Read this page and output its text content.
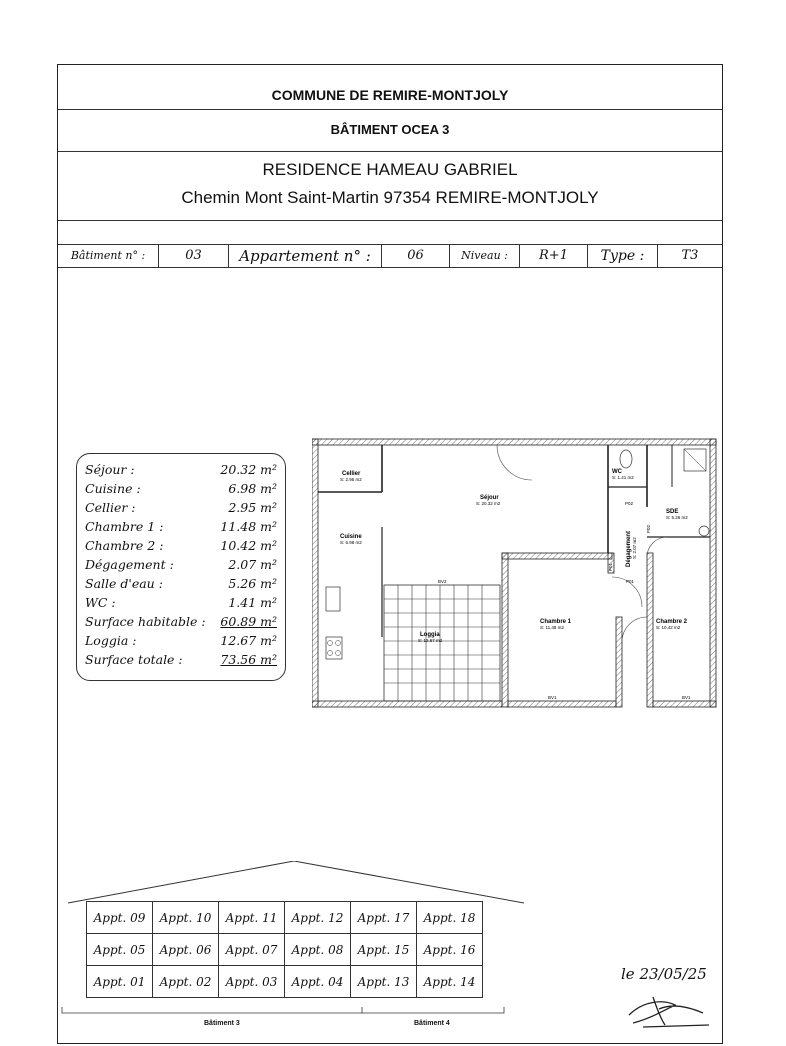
COMMUNE DE REMIRE-MONTJOLY
BÂTIMENT OCEA 3
RESIDENCE HAMEAU GABRIEL
Chemin Mont Saint-Martin 97354 REMIRE-MONTJOLY
Bâtiment n° :	03	Appartement n° :	06	Niveau :	R+1	Type :	T3
Séjour :	20.32 m²
Cuisine :	6.98 m²
Cellier :	2.95 m²
Chambre 1 :	11.48 m²
Chambre 2 :	10.42 m²
Dégagement :	2.07 m²
Salle d'eau :	5.26 m²
WC :	1.41 m²
Surface habitable : 60.89 m²
Loggia :	12.67 m²
Surface totale :	73.56 m²
Cellier
S: 2.95 m2
Séjour
S: 20.32 m2
Cuisine
S: 6.98 m2
WC
S: 1.41 m2
SDE
S: 5.26 m2
Dégagement S: 2.07 m2
Chambre 1
S: 11.48 m2
Chambre 2
S: 10.42 m2
Loggia
S: 12.67 m2
P02
P02
P01
P01
BV1	BV1
BV2
Appt. 09	Appt. 10	Appt. 11	Appt. 12	Appt. 17	Appt. 18
Appt. 05	Appt. 06	Appt. 07	Appt. 08	Appt. 15	Appt. 16
Appt. 01	Appt. 02	Appt. 03	Appt. 04	Appt. 13	Appt. 14
Bâtiment 3	Bâtiment 4
le 23/05/25
